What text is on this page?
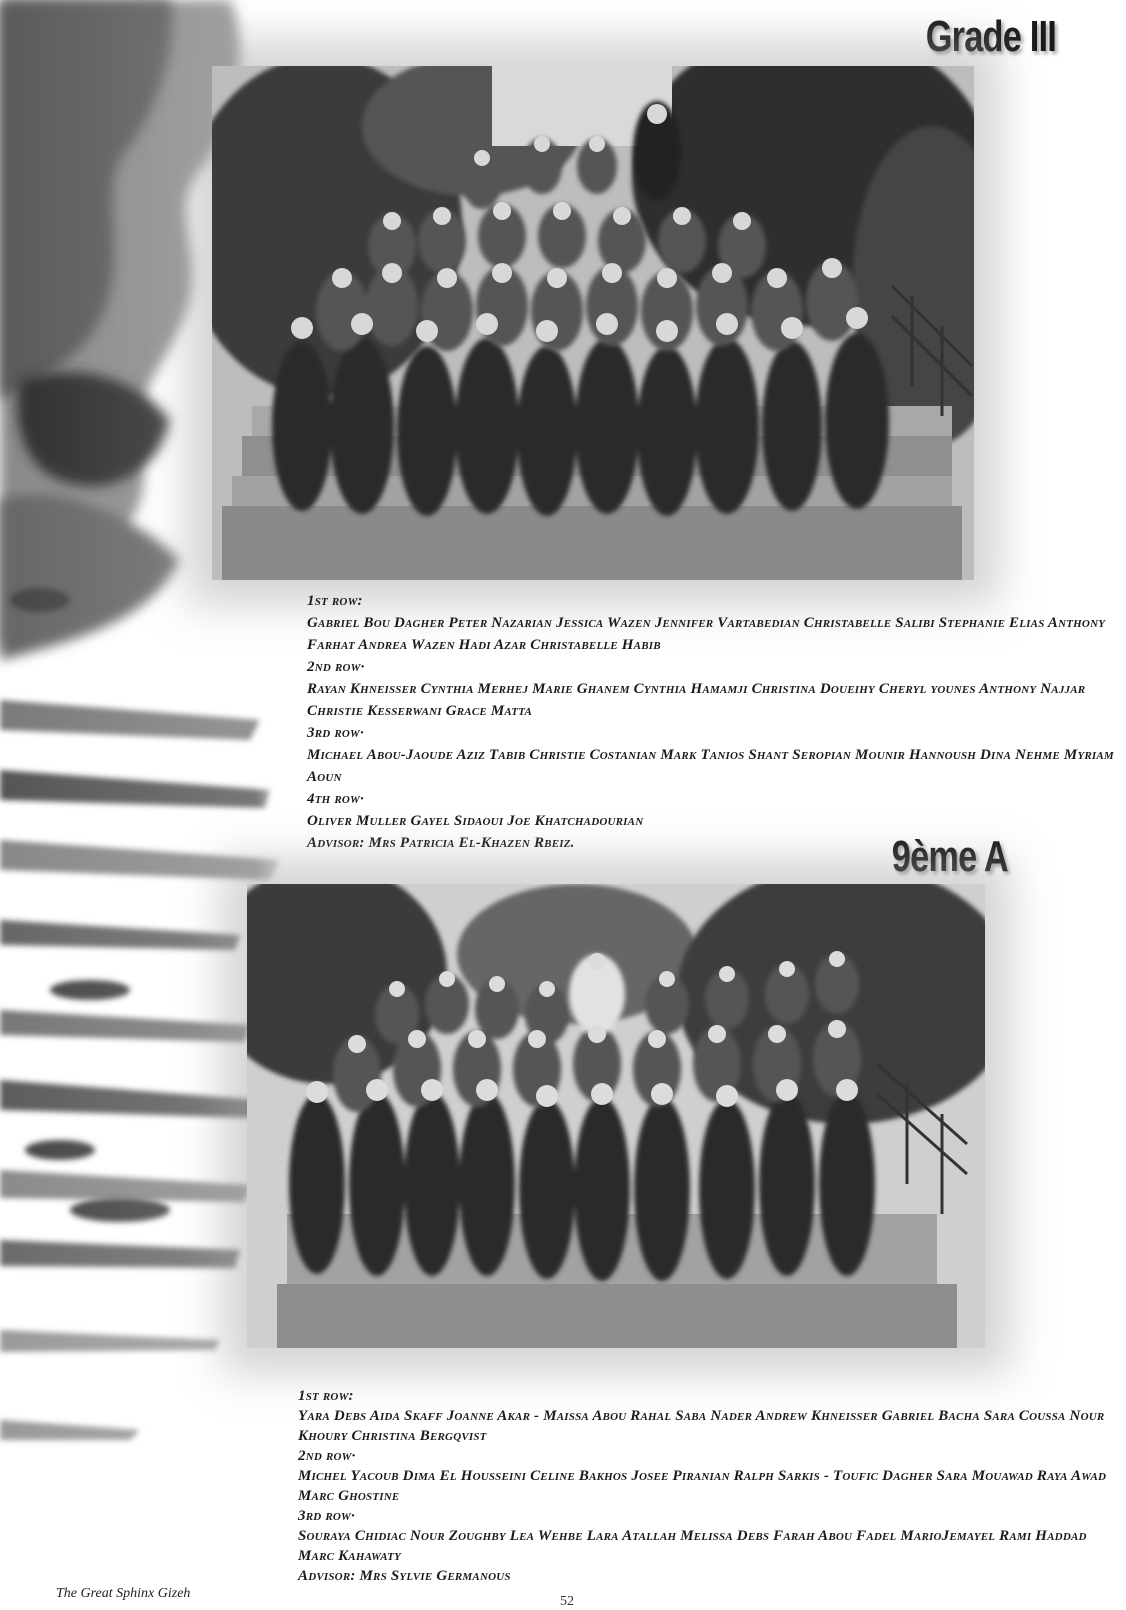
Grade III
1st row:
Gabriel Bou Dagher Peter Nazarian Jessica Wazen Jennifer Vartabedian Christabelle Salibi Stephanie Elias Anthony Farhat Andrea Wazen Hadi Azar Christabelle Habib
2nd row·
Rayan Khneisser Cynthia Merhej Marie Ghanem Cynthia Hamamji Christina Doueihy Cheryl younes Anthony Najjar Christie Kesserwani Grace Matta
3rd row·
Michael Abou-Jaoude Aziz Tabib Christie Costanian Mark Tanios Shant Seropian Mounir Hannoush Dina Nehme Myriam Aoun
4th row·
Oliver Muller Gayel Sidaoui Joe Khatchadourian
Advisor: Mrs Patricia El-Khazen Rbeiz.	9ème A
1st row:
Yara Debs Aida Skaff Joanne Akar - Maissa Abou Rahal Saba Nader Andrew Khneisser Gabriel Bacha Sara Coussa Nour Khoury Christina Bergqvist
2nd row·
Michel Yacoub Dima El Housseini Celine Bakhos Josee Piranian Ralph Sarkis - Toufic Dagher Sara Mouawad Raya Awad Marc Ghostine
3rd row·
Souraya Chidiac Nour Zoughby Lea Wehbe Lara Atallah Melissa Debs Farah Abou Fadel MarioJemayel Rami Haddad Marc Kahawaty
Advisor: Mrs Sylvie Germanous
The Great Sphinx Gizeh
52
